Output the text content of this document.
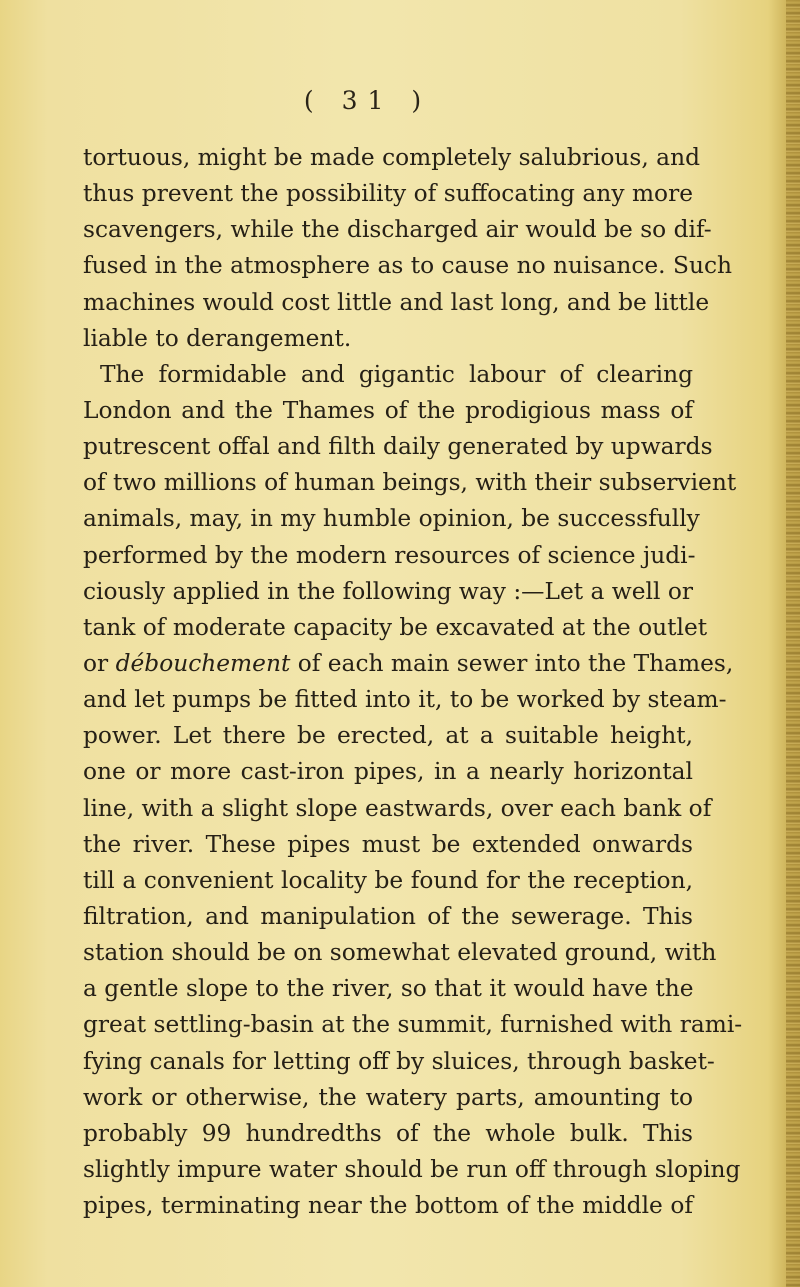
( 31 )
tortuous, might be made completely salubrious, and
thus prevent the possibility of suffocating any more
scavengers, while the discharged air would be so dif-
fused in the atmosphere as to cause no nuisance. Such
machines would cost little and last long, and be little
liable to derangement.
The formidable and gigantic labour of clearing
London and the Thames of the prodigious mass of
putrescent offal and filth daily generated by upwards
of two millions of human beings, with their subservient
animals, may, in my humble opinion, be successfully
performed by the modern resources of science judi-
ciously applied in the following way :—Let a well or
tank of moderate capacity be excavated at the outlet
or débouchement of each main sewer into the Thames,
and let pumps be fitted into it, to be worked by steam-
power. Let there be erected, at a suitable height,
one or more cast-iron pipes, in a nearly horizontal
line, with a slight slope eastwards, over each bank of
the river. These pipes must be extended onwards
till a convenient locality be found for the reception,
filtration, and manipulation of the sewerage. This
station should be on somewhat elevated ground, with
a gentle slope to the river, so that it would have the
great settling-basin at the summit, furnished with rami-
fying canals for letting off by sluices, through basket-
work or otherwise, the watery parts, amounting to
probably 99 hundredths of the whole bulk. This
slightly impure water should be run off through sloping
pipes, terminating near the bottom of the middle of
